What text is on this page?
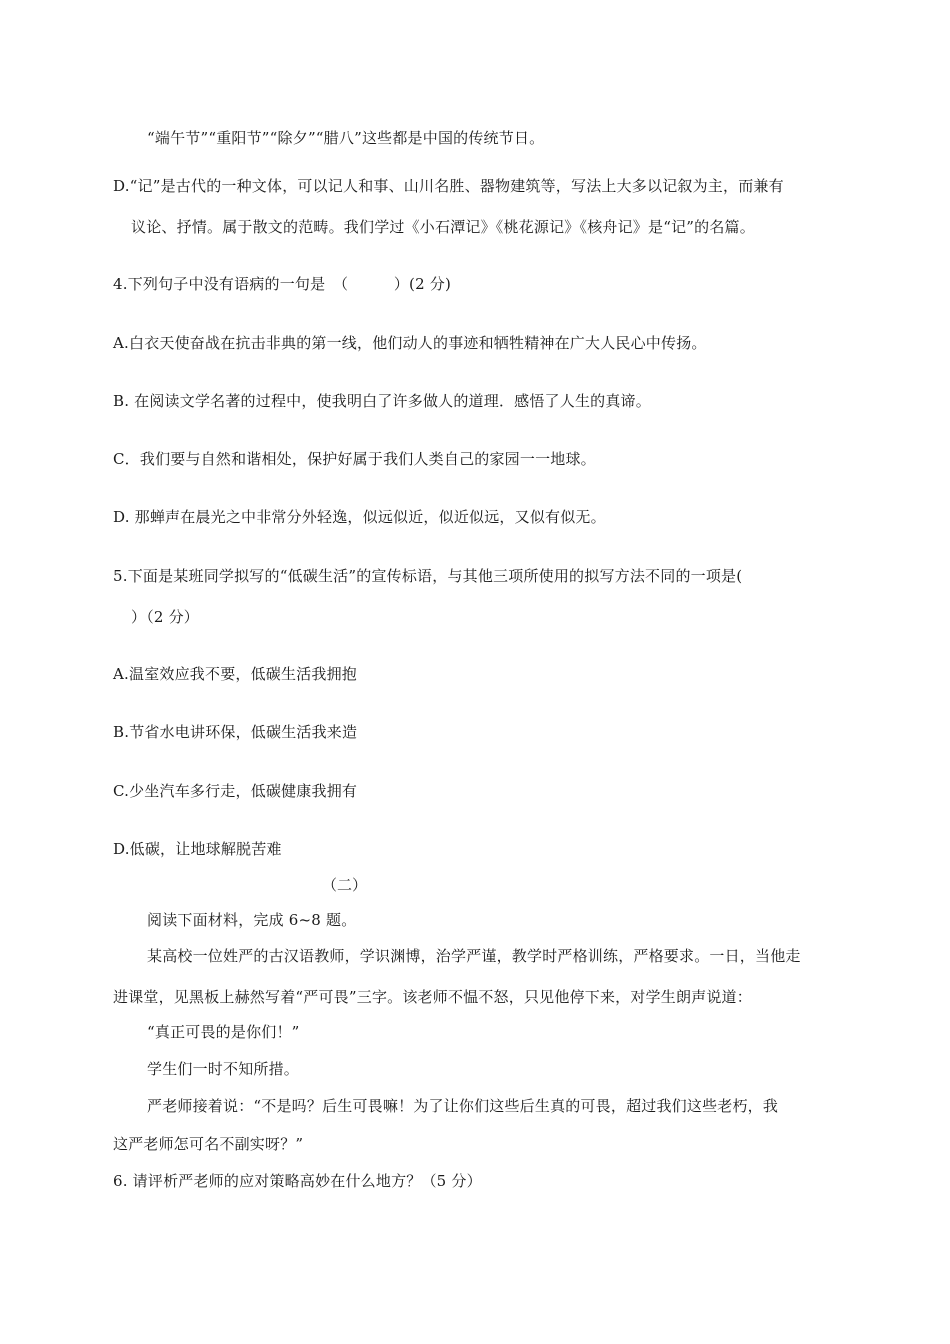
“端午节”“重阳节”“除夕”“腊八”这些都是中国的传统节日。
D.“记”是古代的一种文体，可以记人和事、山川名胜、器物建筑等，写法上大多以记叙为主，而兼有
议论、抒情。属于散文的范畴。我们学过《小石潭记》《桃花源记》《核舟记》是“记”的名篇。
4.下列句子中没有语病的一句是　（　　　）(2 分)
A.白衣天使奋战在抗击非典的第一线，他们动人的事迹和牺牲精神在广大人民心中传扬。
B. 在阅读文学名著的过程中，使我明白了许多做人的道理．感悟了人生的真谛。
C．我们要与自然和谐相处，保护好属于我们人类自己的家园一一地球。
D. 那蝉声在晨光之中非常分外轻逸，似远似近，似近似远，又似有似无。
5.下面是某班同学拟写的“低碳生活”的宣传标语，与其他三项所使用的拟写方法不同的一项是(
）（2 分）
A.温室效应我不要，低碳生活我拥抱
B.节省水电讲环保，低碳生活我来造
C.少坐汽车多行走，低碳健康我拥有
D.低碳，让地球解脱苦难
（二）
阅读下面材料，完成 6~8 题。
某高校一位姓严的古汉语教师，学识渊博，治学严谨，教学时严格训练，严格要求。一日，当他走
进课堂，见黑板上赫然写着“严可畏”三字。该老师不愠不怒，只见他停下来，对学生朗声说道：
“真正可畏的是你们！”
学生们一时不知所措。
严老师接着说：“不是吗？后生可畏嘛！为了让你们这些后生真的可畏，超过我们这些老朽，我
这严老师怎可名不副实呀？”
6. 请评析严老师的应对策略高妙在什么地方？（5 分）
